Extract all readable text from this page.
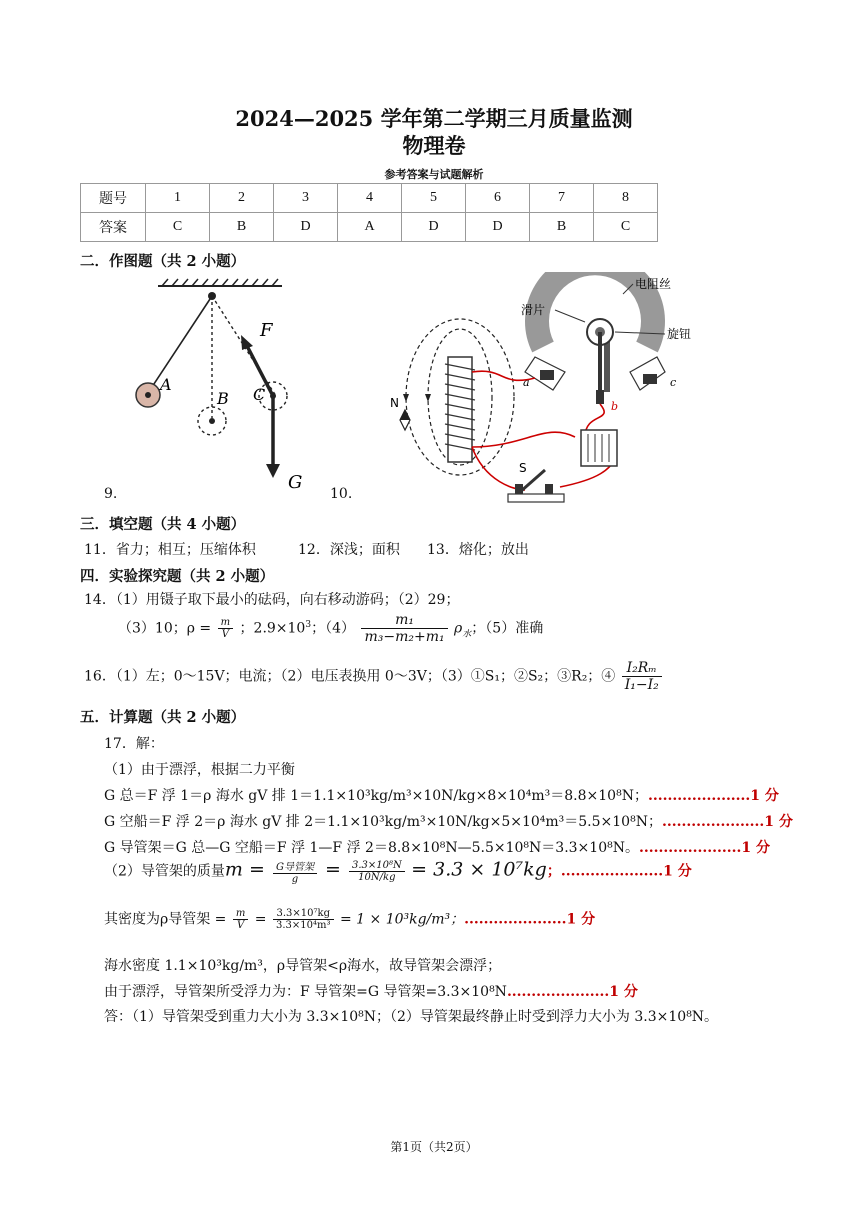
2024—2025 学年第二学期三月质量监测
物理卷
参考答案与试题解析
题号	1	2	3	4	5	6	7	8
答案	C	B	D	A	D	D	B	C
二．作图题（共 2 小题）
A
B C
F
G
9.	10.
电阻丝
滑片
旋钮
a
b
c
N
S
三．填空题（共 4 小题）
11．省力；相互；压缩体积	12．深浅；面积 13．熔化；放出
四．实验探究题（共 2 小题）
14．（1）用镊子取下最小的砝码，向右移动游码；（2）29；
（3）10；$\rho = \frac{m}{V}$ ；$2.9\times 10^3$；$(4) \frac{\text{m₁}}{\text{m₃−m₂+m₁}} \rho_水$；（5）准确
16．（1）左；0～15V；电流；（2）电压表换用 0～3V；（3）①S₁；②S₂；③R₂；④ $\frac{\text{I₂Rₘ}}{\text{I₁−I₂}}$
五．计算题（共 2 小题）
17．解：
（1）由于漂浮，根据二力平衡
G 总＝F 浮 1＝ρ 海水 gV 排 1＝1.1×10³kg/m³×10N/kg×8×10⁴m³＝8.8×10⁸N；.....................1 分
G 空船＝F 浮 2＝ρ 海水 gV 排 2＝1.1×10³kg/m³×10N/kg×5×10⁴m³＝5.5×10⁸N；.....................1 分
G 导管架＝G 总—G 空船＝F 浮 1—F 浮 2＝8.8×10⁸N—5.5×10⁸N＝3.3×10⁸N。.....................1 分
（2）导管架的质量$m = \frac{\text{G导管架}}{g} = \frac{\text{3.3×10⁸N}}{10N/kg} = 3.3 \times 10^7kg$；.....................1 分
其密度为ρ导管架 = $\frac{m}{V} = \frac{\text{3.3×10⁷kg}}{\text{3.3×10⁴m³}} = 1 \times 10^3kg/m^3$；.....................1 分
海水密度 1.1×10³kg/m³，ρ导管架<ρ海水，故导管架会漂浮；
由于漂浮，导管架所受浮力为：F 导管架=G 导管架=3.3×10⁸N.....................1 分
答：（1）导管架受到重力大小为 3.3×10⁸N；（2）导管架最终静止时受到浮力大小为 3.3×10⁸N。
第1页（共2页）
